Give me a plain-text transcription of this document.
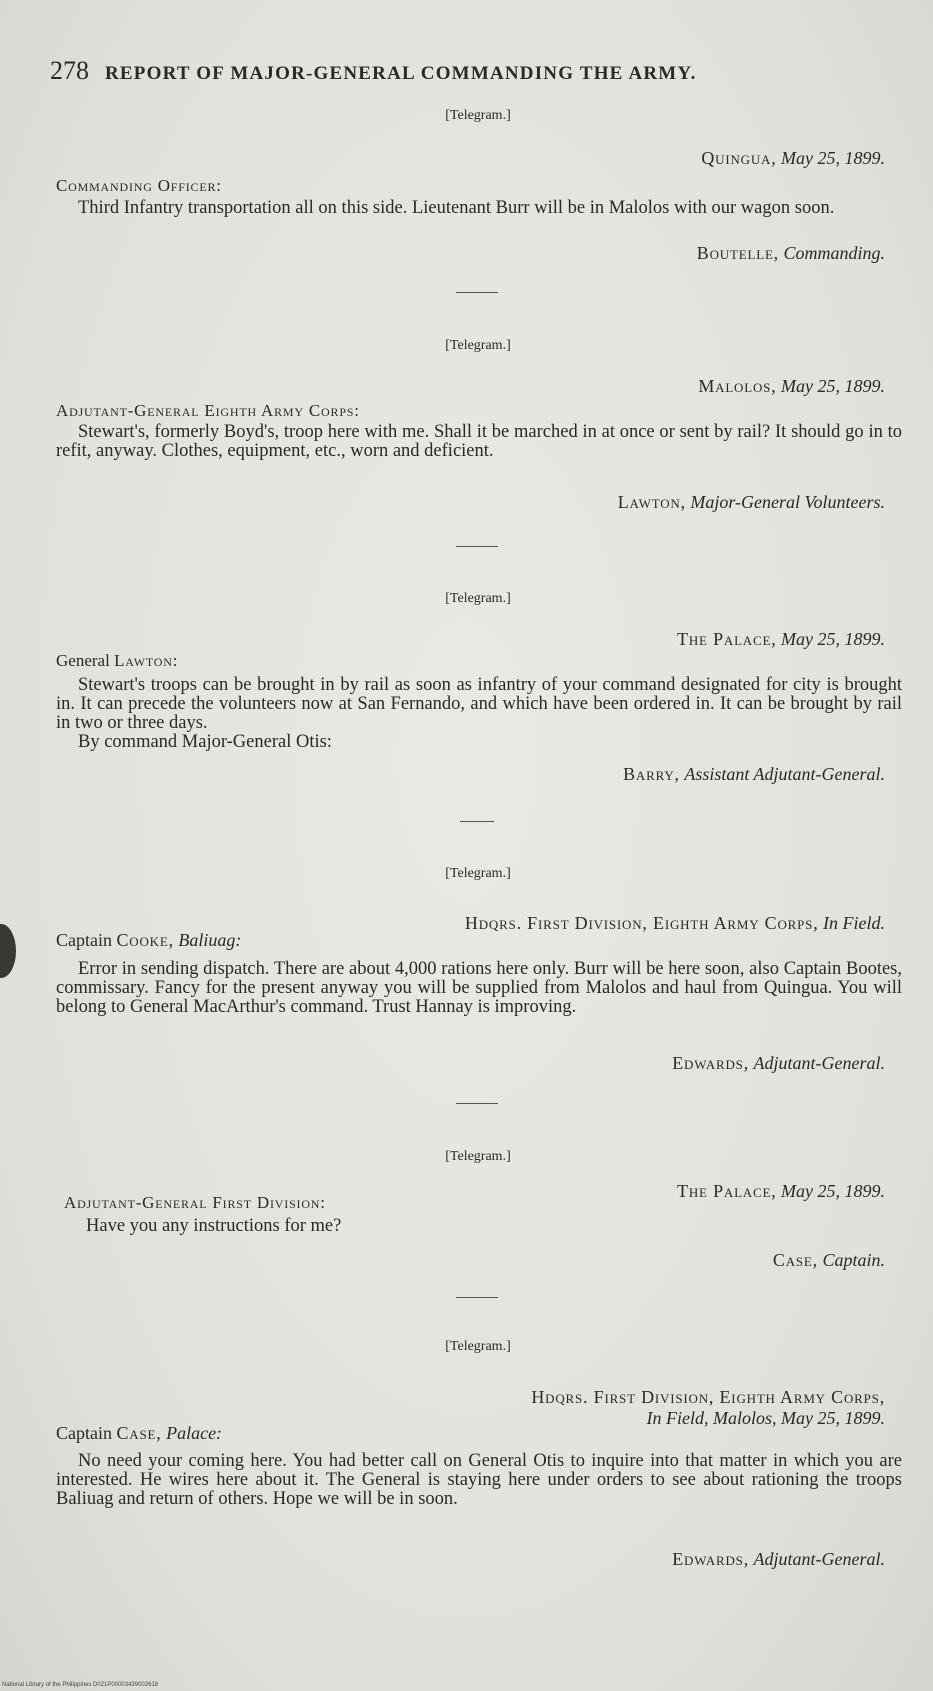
278 REPORT OF MAJOR-GENERAL COMMANDING THE ARMY.
[Telegram.]
Quingua, May 25, 1899.
Commanding Officer:

Third Infantry transportation all on this side. Lieutenant Burr will be in Malolos with our wagon soon.

Boutelle, Commanding.
[Telegram.]
Malolos, May 25, 1899.
Adjutant-General Eighth Army Corps:

Stewart's, formerly Boyd's, troop here with me. Shall it be marched in at once or sent by rail? It should go in to refit, anyway. Clothes, equipment, etc., worn and deficient.

Lawton, Major-General Volunteers.
[Telegram.]
The Palace, May 25, 1899.
General Lawton:

Stewart's troops can be brought in by rail as soon as infantry of your command designated for city is brought in. It can precede the volunteers now at San Fernando, and which have been ordered in. It can be brought by rail in two or three days.

By command Major-General Otis:

Barry, Assistant Adjutant-General.
[Telegram.]
Hdqrs. First Division, Eighth Army Corps, In Field.
Captain Cooke, Baliuag:

Error in sending dispatch. There are about 4,000 rations here only. Burr will be here soon, also Captain Bootes, commissary. Fancy for the present anyway you will be supplied from Malolos and haul from Quingua. You will belong to General MacArthur's command. Trust Hannay is improving.

Edwards, Adjutant-General.
[Telegram.]
The Palace, May 25, 1899.
Adjutant-General First Division:

Have you any instructions for me?

Case, Captain.
[Telegram.]
Hdqrs. First Division, Eighth Army Corps,
In Field, Malolos, May 25, 1899.
Captain Case, Palace:

No need your coming here. You had better call on General Otis to inquire into that matter in which you are interested. He wires here about it. The General is staying here under orders to see about rationing the troops Baliuag and return of others. Hope we will be in soon.

Edwards, Adjutant-General.
National Library of the Philippines D021P00003439002618
